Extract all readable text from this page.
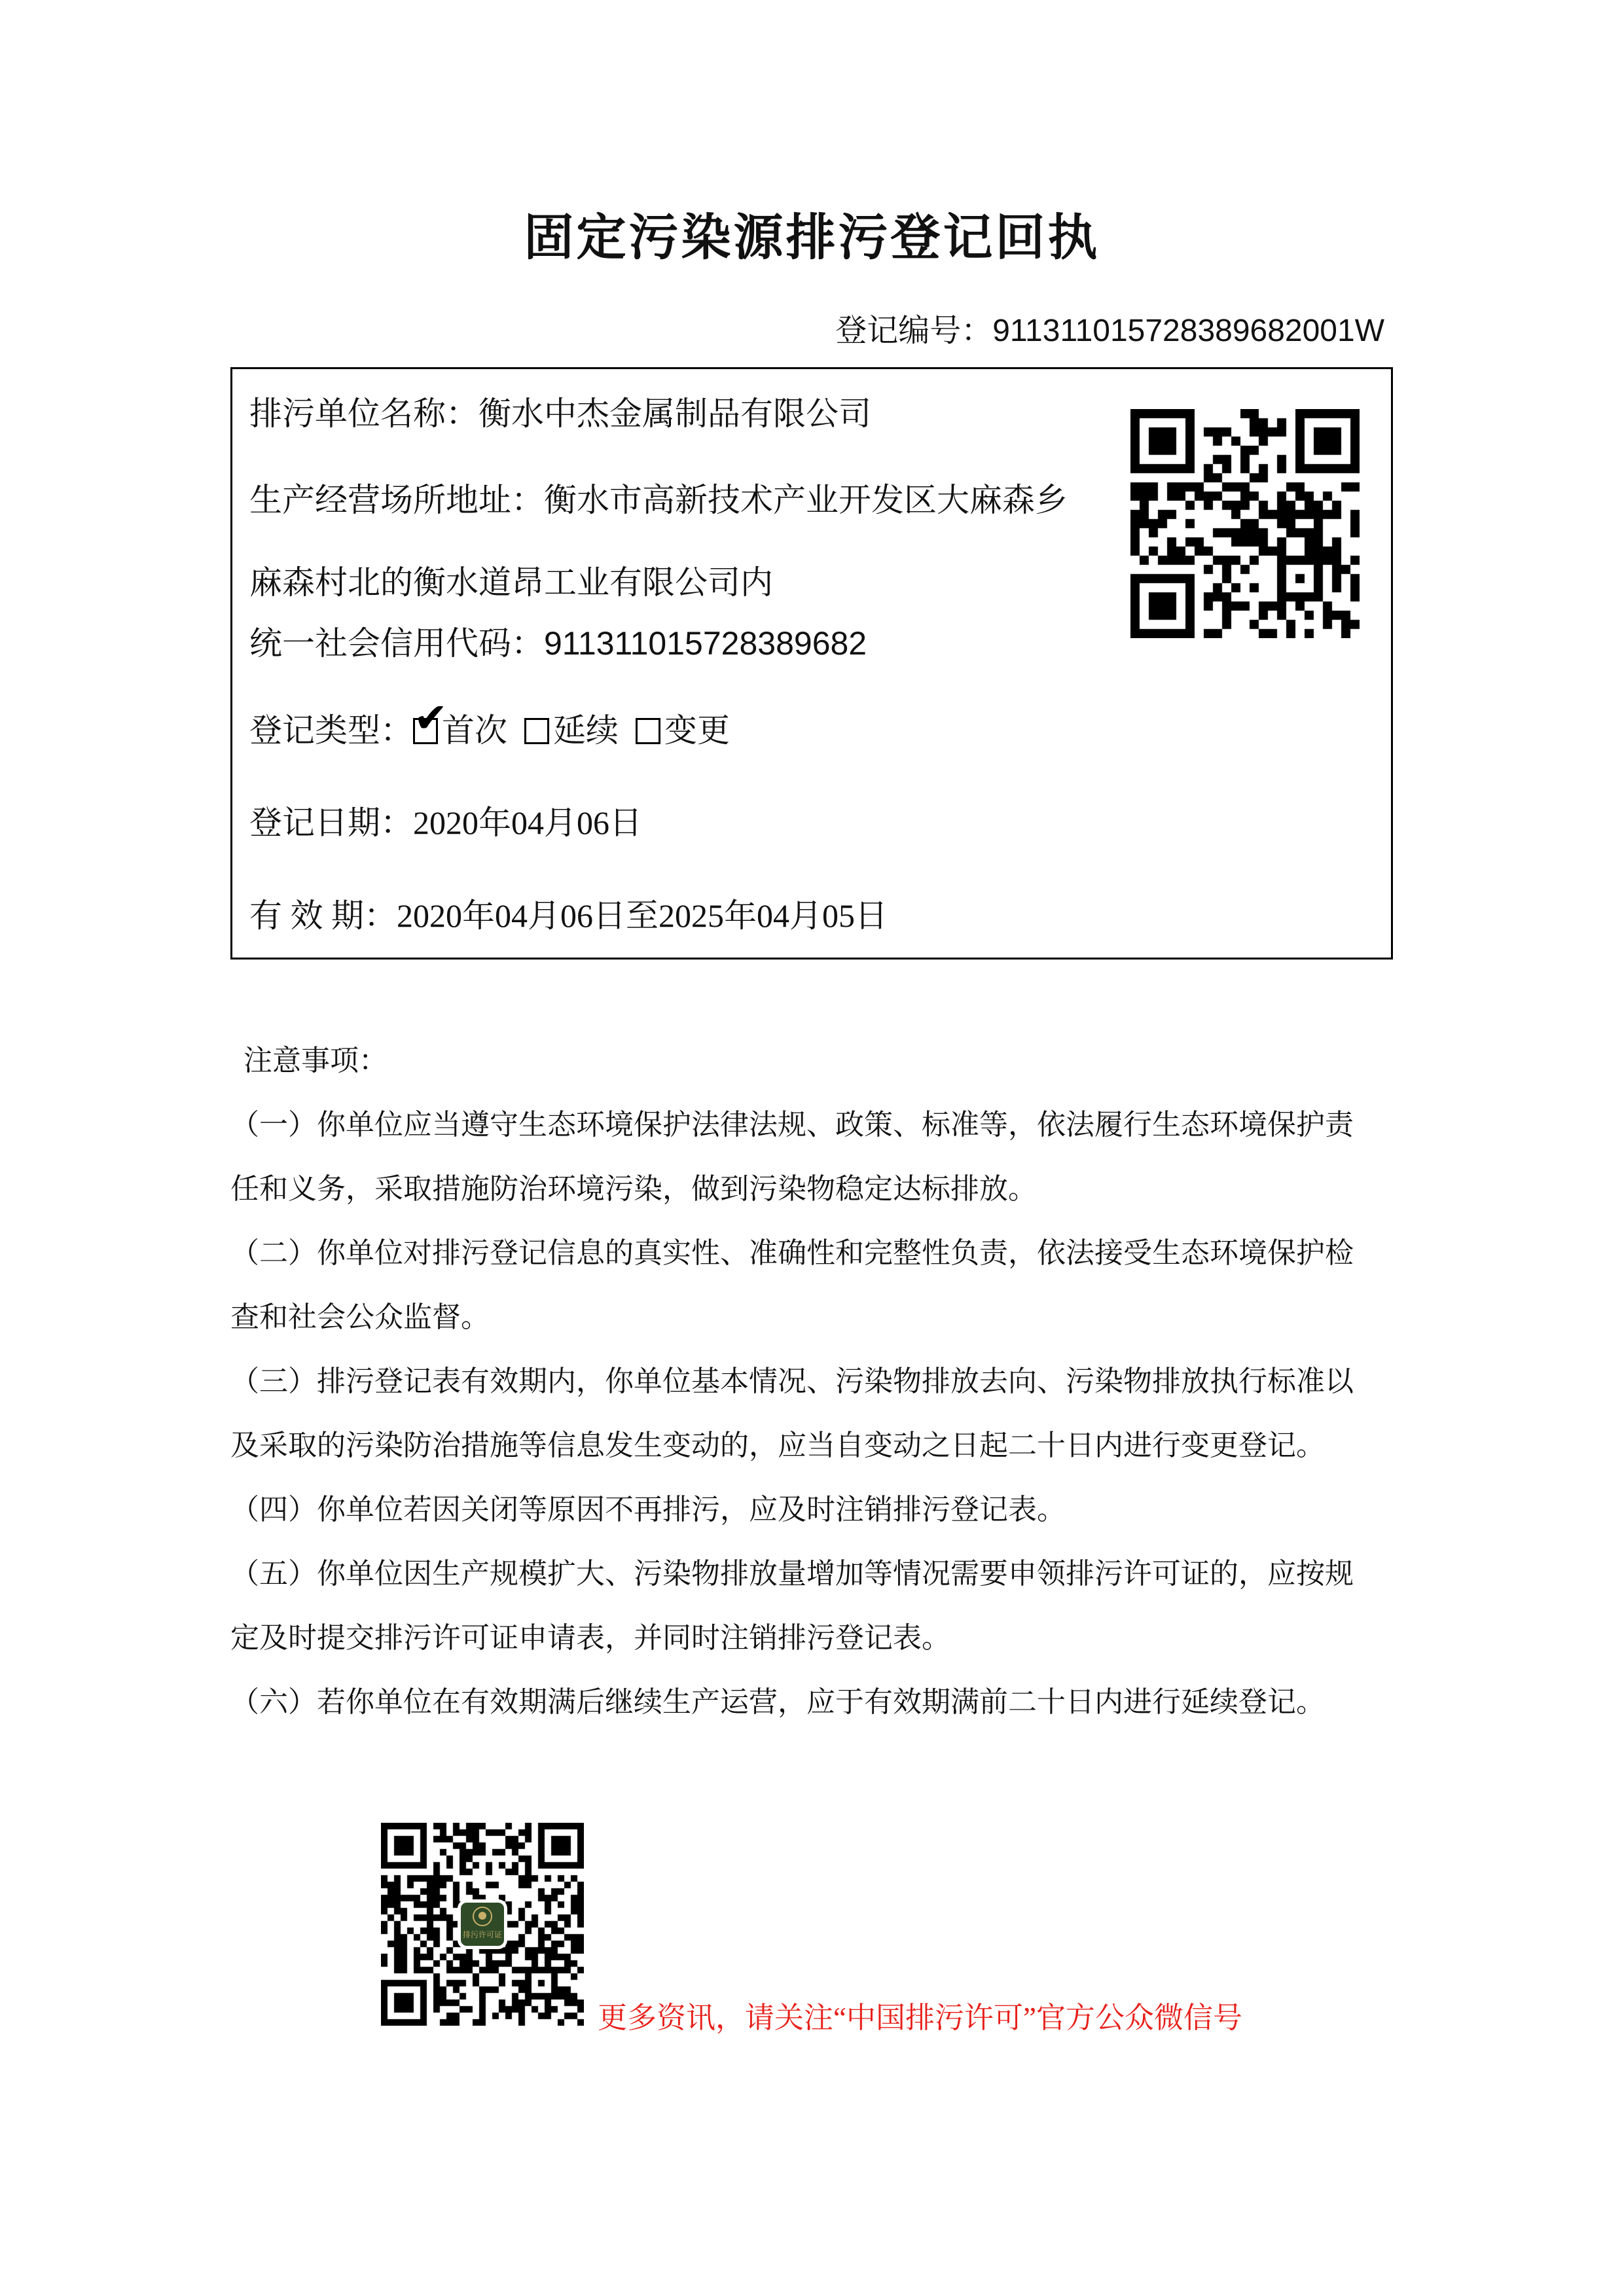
固定污染源排污登记回执
登记编号：911311015728389682001W
排污单位名称：衡水中杰金属制品有限公司
生产经营场所地址：衡水市高新技术产业开发区大麻森乡
麻森村北的衡水道昂工业有限公司内
统一社会信用代码：911311015728389682
登记类型： ✔
首次 延续 变更
登记日期：2020年04月06日
有 效 期：2020年04月06日至2025年04月05日
注意事项：
（一）你单位应当遵守生态环境保护法律法规、政策、标准等，依法履行生态环境保护责
任和义务，采取措施防治环境污染，做到污染物稳定达标排放。
（二）你单位对排污登记信息的真实性、准确性和完整性负责，依法接受生态环境保护检
查和社会公众监督。
（三）排污登记表有效期内，你单位基本情况、污染物排放去向、污染物排放执行标准以
及采取的污染防治措施等信息发生变动的，应当自变动之日起二十日内进行变更登记。
（四）你单位若因关闭等原因不再排污，应及时注销排污登记表。
（五）你单位因生产规模扩大、污染物排放量增加等情况需要申领排污许可证的，应按规
定及时提交排污许可证申请表，并同时注销排污登记表。
（六）若你单位在有效期满后继续生产运营，应于有效期满前二十日内进行延续登记。
排污许可证
更多资讯，请关注“中国排污许可”官方公众微信号
